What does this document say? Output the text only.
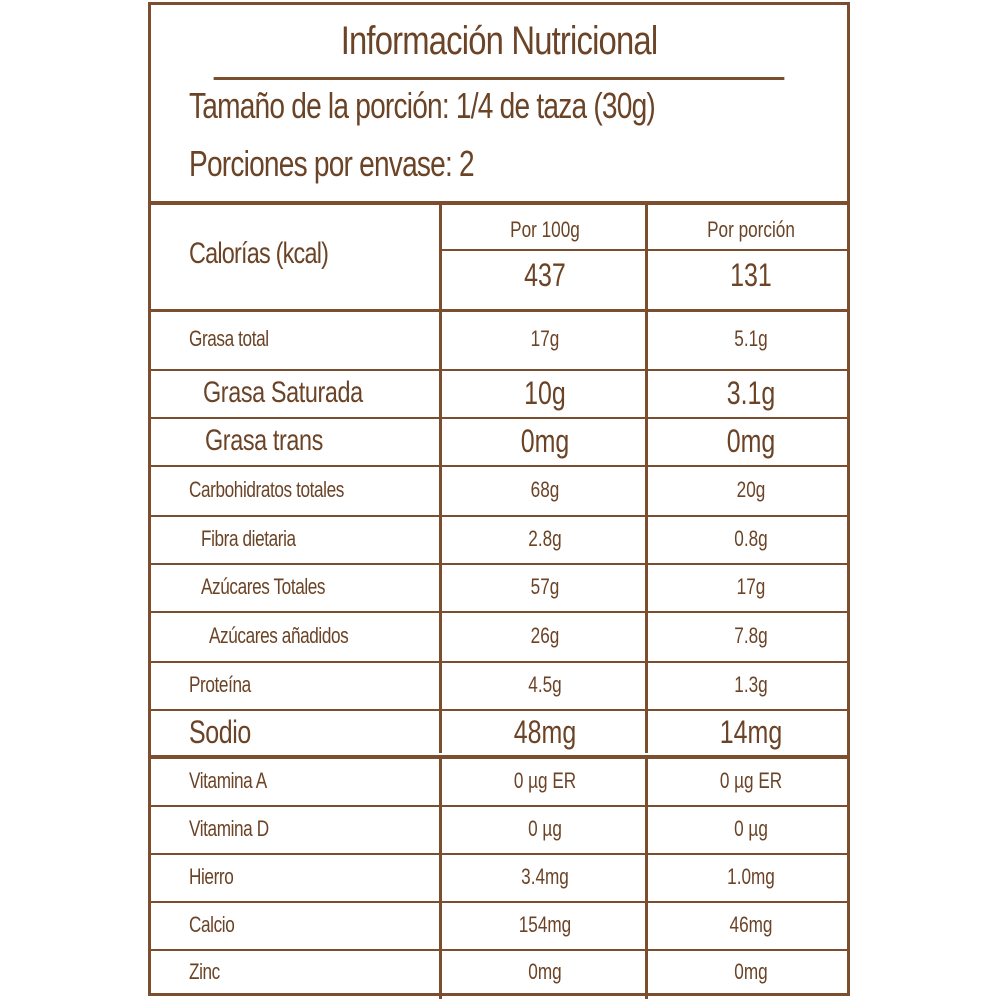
Información Nutricional
Tamaño de la porción: 1/4 de taza (30g)
Porciones por envase: 2
Calorías (kcal)
Por 100g	Por porción
437	131
Grasa total	17g	5.1g
Grasa Saturada	10g	3.1g
Grasa trans	0mg	0mg
Carbohidratos totales	68g	20g
Fibra dietaria	2.8g	0.8g
Azúcares Totales	57g	17g
Azúcares añadidos	26g	7.8g
Proteína	4.5g	1.3g
Sodio	48mg	14mg
Vitamina A	0 µg ER	0 µg ER
Vitamina D	0 µg	0 µg
Hierro	3.4mg	1.0mg
Calcio	154mg	46mg
Zinc	0mg	0mg
